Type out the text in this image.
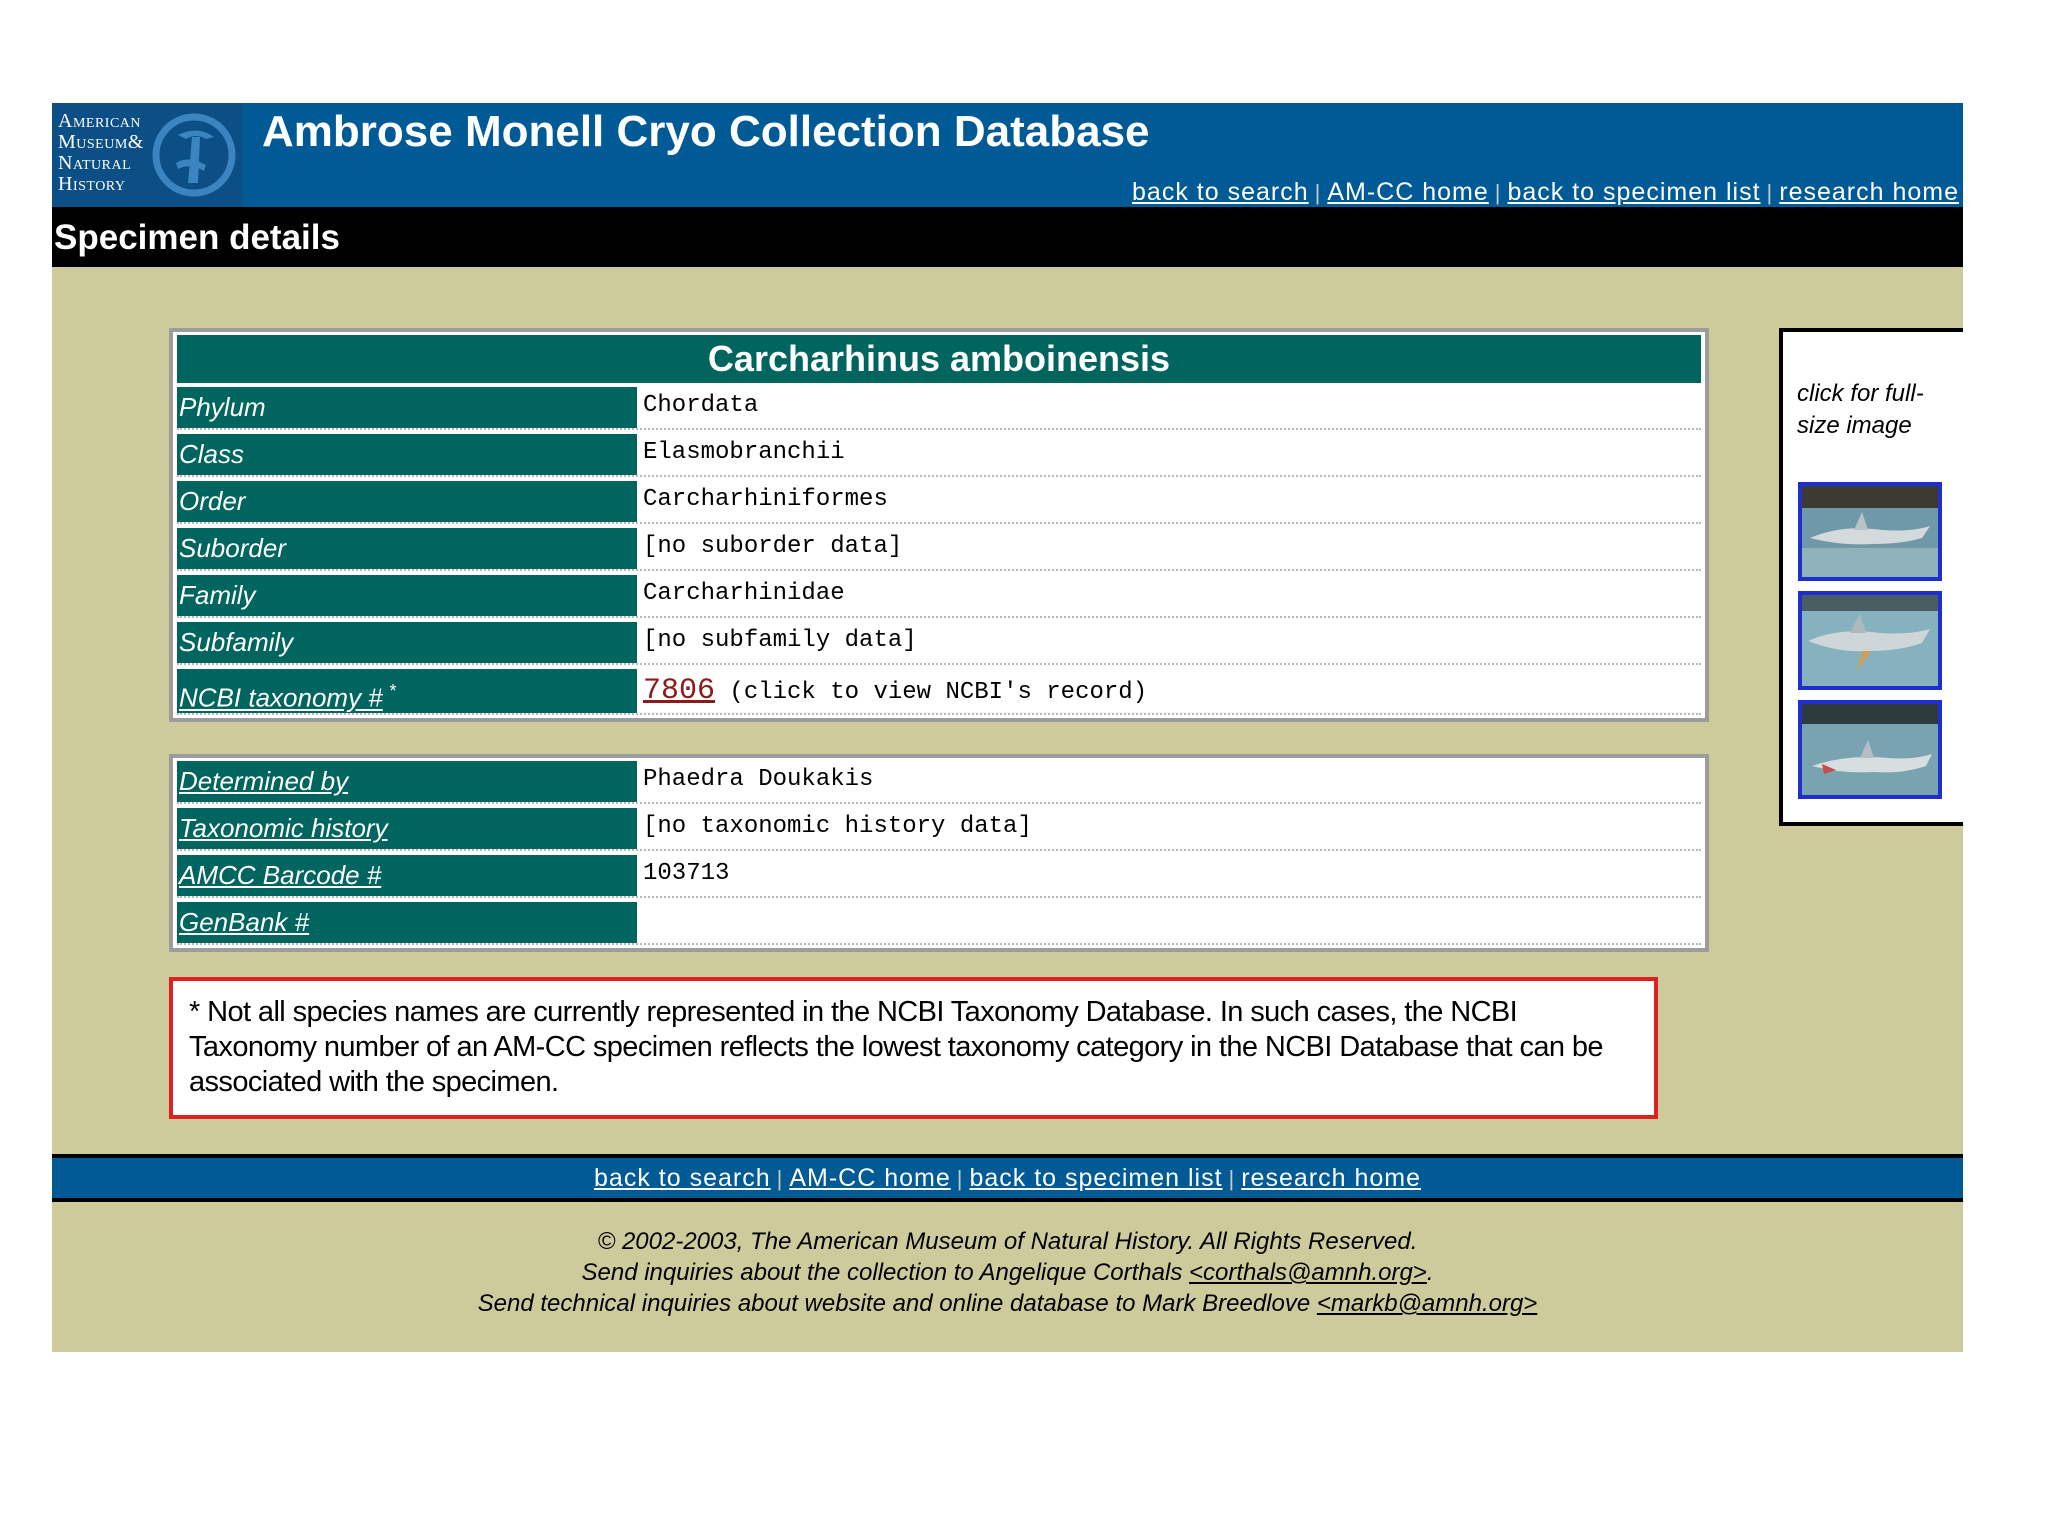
American
Museum&
Natural
History
Ambrose Monell Cryo Collection Database
back to search | AM-CC home | back to specimen list | research home
Specimen details
Carcharhinus amboinensis
Phylum	Chordata
Class	Elasmobranchii
Order	Carcharhiniformes
Suborder	[no suborder data]
Family	Carcharhinidae
Subfamily	[no subfamily data]
NCBI taxonomy # *	7806 (click to view NCBI's record)
Determined by	Phaedra Doukakis
Taxonomic history	[no taxonomic history data]
AMCC Barcode #	103713
GenBank #
* Not all species names are currently represented in the NCBI Taxonomy Database. In such cases, the NCBI Taxonomy number of an AM-CC specimen reflects the lowest taxonomy category in the NCBI Database that can be associated with the specimen.
click for full-
size image
back to search | AM-CC home | back to specimen list | research home
© 2002-2003, The American Museum of Natural History. All Rights Reserved.
Send inquiries about the collection to Angelique Corthals <corthals@amnh.org>.
Send technical inquiries about website and online database to Mark Breedlove <markb@amnh.org>
